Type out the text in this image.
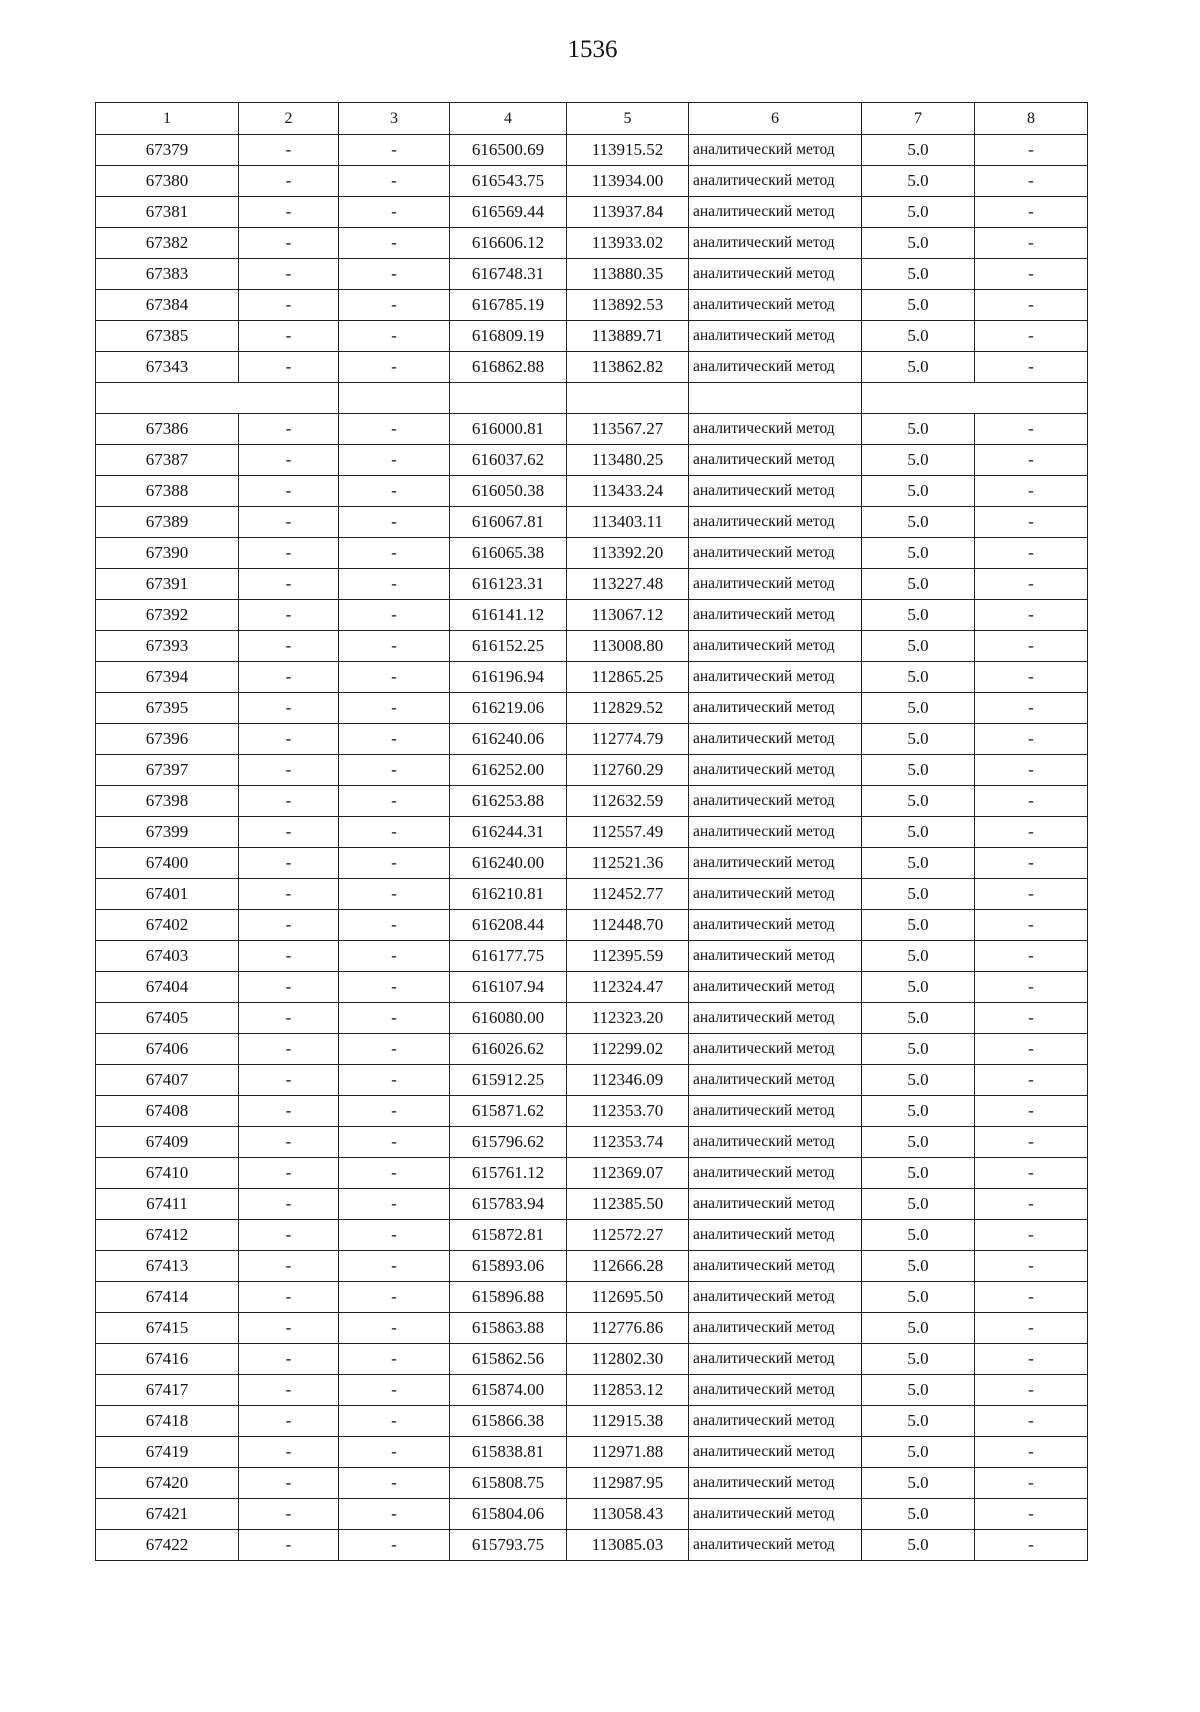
1536
1	2	3	4	5	6	7	8
67379	-	-	616500.69	113915.52	аналитический метод	5.0	-
67380	-	-	616543.75	113934.00	аналитический метод	5.0	-
67381	-	-	616569.44	113937.84	аналитический метод	5.0	-
67382	-	-	616606.12	113933.02	аналитический метод	5.0	-
67383	-	-	616748.31	113880.35	аналитический метод	5.0	-
67384	-	-	616785.19	113892.53	аналитический метод	5.0	-
67385	-	-	616809.19	113889.71	аналитический метод	5.0	-
67343	-	-	616862.88	113862.82	аналитический метод	5.0	-

67386	-	-	616000.81	113567.27	аналитический метод	5.0	-
67387	-	-	616037.62	113480.25	аналитический метод	5.0	-
67388	-	-	616050.38	113433.24	аналитический метод	5.0	-
67389	-	-	616067.81	113403.11	аналитический метод	5.0	-
67390	-	-	616065.38	113392.20	аналитический метод	5.0	-
67391	-	-	616123.31	113227.48	аналитический метод	5.0	-
67392	-	-	616141.12	113067.12	аналитический метод	5.0	-
67393	-	-	616152.25	113008.80	аналитический метод	5.0	-
67394	-	-	616196.94	112865.25	аналитический метод	5.0	-
67395	-	-	616219.06	112829.52	аналитический метод	5.0	-
67396	-	-	616240.06	112774.79	аналитический метод	5.0	-
67397	-	-	616252.00	112760.29	аналитический метод	5.0	-
67398	-	-	616253.88	112632.59	аналитический метод	5.0	-
67399	-	-	616244.31	112557.49	аналитический метод	5.0	-
67400	-	-	616240.00	112521.36	аналитический метод	5.0	-
67401	-	-	616210.81	112452.77	аналитический метод	5.0	-
67402	-	-	616208.44	112448.70	аналитический метод	5.0	-
67403	-	-	616177.75	112395.59	аналитический метод	5.0	-
67404	-	-	616107.94	112324.47	аналитический метод	5.0	-
67405	-	-	616080.00	112323.20	аналитический метод	5.0	-
67406	-	-	616026.62	112299.02	аналитический метод	5.0	-
67407	-	-	615912.25	112346.09	аналитический метод	5.0	-
67408	-	-	615871.62	112353.70	аналитический метод	5.0	-
67409	-	-	615796.62	112353.74	аналитический метод	5.0	-
67410	-	-	615761.12	112369.07	аналитический метод	5.0	-
67411	-	-	615783.94	112385.50	аналитический метод	5.0	-
67412	-	-	615872.81	112572.27	аналитический метод	5.0	-
67413	-	-	615893.06	112666.28	аналитический метод	5.0	-
67414	-	-	615896.88	112695.50	аналитический метод	5.0	-
67415	-	-	615863.88	112776.86	аналитический метод	5.0	-
67416	-	-	615862.56	112802.30	аналитический метод	5.0	-
67417	-	-	615874.00	112853.12	аналитический метод	5.0	-
67418	-	-	615866.38	112915.38	аналитический метод	5.0	-
67419	-	-	615838.81	112971.88	аналитический метод	5.0	-
67420	-	-	615808.75	112987.95	аналитический метод	5.0	-
67421	-	-	615804.06	113058.43	аналитический метод	5.0	-
67422	-	-	615793.75	113085.03	аналитический метод	5.0	-
